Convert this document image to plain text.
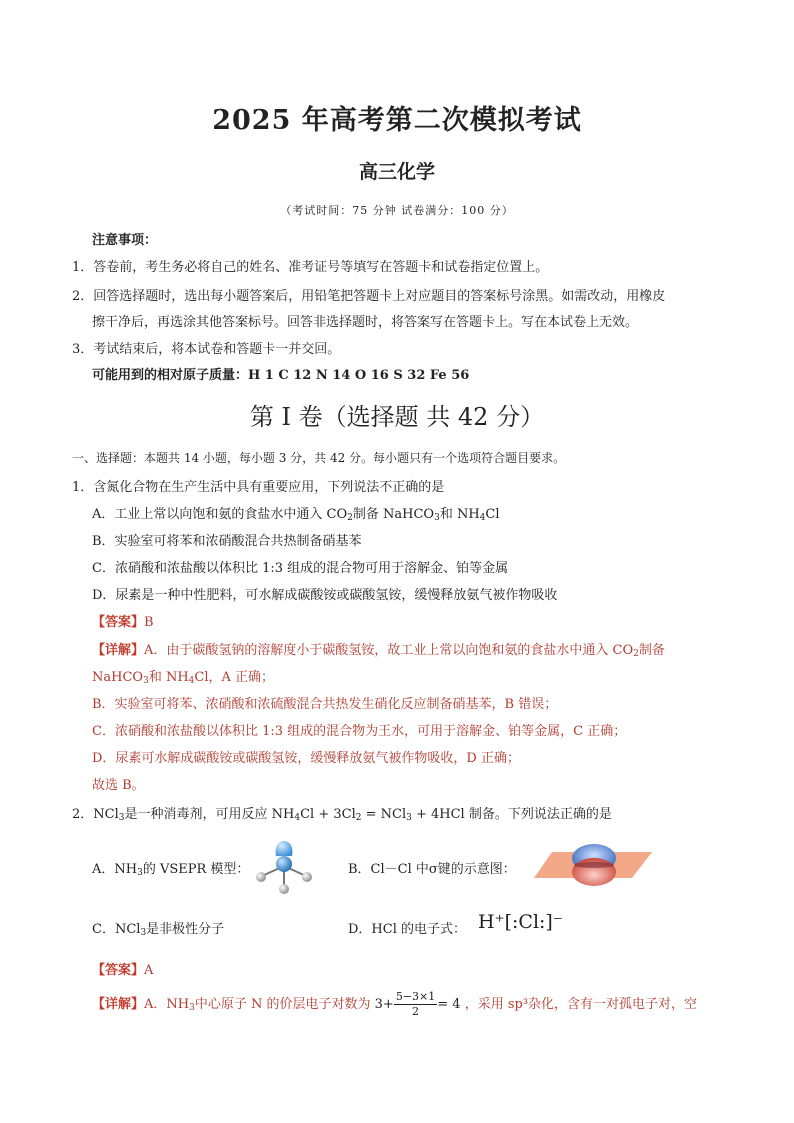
2025 年高考第二次模拟考试
高三化学
（考试时间：75 分钟 试卷满分：100 分）
注意事项：
1．答卷前，考生务必将自己的姓名、准考证号等填写在答题卡和试卷指定位置上。
2．回答选择题时，选出每小题答案后，用铅笔把答题卡上对应题目的答案标号涂黑。如需改动，用橡皮
擦干净后，再选涂其他答案标号。回答非选择题时，将答案写在答题卡上。写在本试卷上无效。
3．考试结束后，将本试卷和答题卡一并交回。
可能用到的相对原子质量：H 1 C 12 N 14 O 16 S 32 Fe 56
第 I 卷（选择题 共 42 分）
一、选择题：本题共 14 小题，每小题 3 分，共 42 分。每小题只有一个选项符合题目要求。
1．含氮化合物在生产生活中具有重要应用，下列说法不正确的是
A．工业上常以向饱和氨的食盐水中通入 $CO_2$制备 NaHCO$_3$和 $NH_4Cl$
B．实验室可将苯和浓硝酸混合共热制备硝基苯
C．浓硝酸和浓盐酸以体积比 1:3 组成的混合物可用于溶解金、铂等金属
D．尿素是一种中性肥料，可水解成碳酸铵或碳酸氢铵，缓慢释放氨气被作物吸收
【答案】B
【详解】A．由于碳酸氢钠的溶解度小于碳酸氢铵，故工业上常以向饱和氨的食盐水中通入 $CO_2$制备
NaHCO$_3$和 $NH_4Cl$，A 正确；
B．实验室可将苯、浓硝酸和浓硫酸混合共热发生硝化反应制备硝基苯，B 错误；
C．浓硝酸和浓盐酸以体积比 1:3 组成的混合物为王水，可用于溶解金、铂等金属，C 正确；
D．尿素可水解成碳酸铵或碳酸氢铵，缓慢释放氨气被作物吸收，D 正确；
故选 B。
2．NCl$_3$是一种消毒剂，可用反应 $NH_4Cl + 3Cl_2 = NCl_3 + 4HCl$ 制备。下列说法正确的是
A．$NH_3$的 VSEPR 模型：	B．Cl－Cl 中σ键的示意图：
C．NCl$_3$是非极性分子	D．HCl 的电子式： H⁺[:Cl:]⁻
【答案】A
【详解】A．$NH_3$中心原子 N 的价层电子对数为 $3+ \frac{5-3\times 1}{2} = 4$ ，采用 sp³杂化，含有一对孤电子对，空
